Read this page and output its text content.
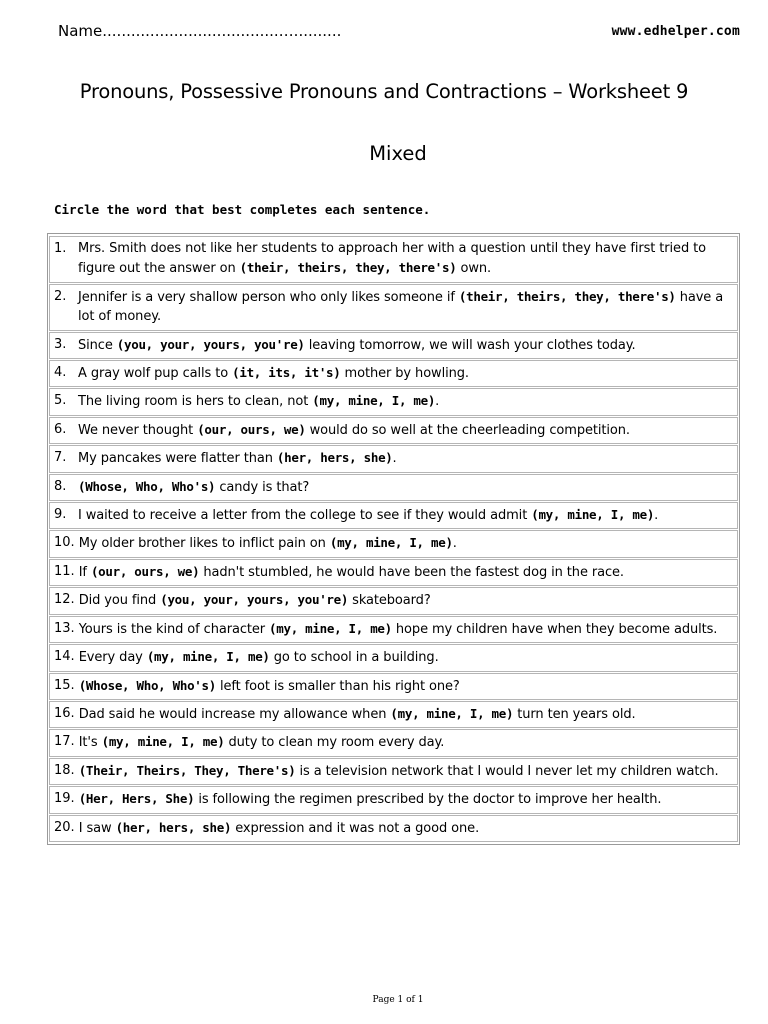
Name.....................................…..........	www.edhelper.com
Pronouns, Possessive Pronouns and Contractions – Worksheet 9
Mixed
Circle the word that best completes each sentence.
1. Mrs. Smith does not like her students to approach her with a question until they have first tried to figure out the answer on (their, theirs, they, there's) own.
2. Jennifer is a very shallow person who only likes someone if (their, theirs, they, there's) have a lot of money.
3. Since (you, your, yours, you're) leaving tomorrow, we will wash your clothes today.
4. A gray wolf pup calls to (it, its, it's) mother by howling.
5. The living room is hers to clean, not (my, mine, I, me).
6. We never thought (our, ours, we) would do so well at the cheerleading competition.
7. My pancakes were flatter than (her, hers, she).
8. (Whose, Who, Who's) candy is that?
9. I waited to receive a letter from the college to see if they would admit (my, mine, I, me).
10. My older brother likes to inflict pain on (my, mine, I, me).
11. If (our, ours, we) hadn't stumbled, he would have been the fastest dog in the race.
12. Did you find (you, your, yours, you're) skateboard?
13. Yours is the kind of character (my, mine, I, me) hope my children have when they become adults.
14. Every day (my, mine, I, me) go to school in a building.
15. (Whose, Who, Who's) left foot is smaller than his right one?
16. Dad said he would increase my allowance when (my, mine, I, me) turn ten years old.
17. It's (my, mine, I, me) duty to clean my room every day.
18. (Their, Theirs, They, There's) is a television network that I would I never let my children watch.
19. (Her, Hers, She) is following the regimen prescribed by the doctor to improve her health.
20. I saw (her, hers, she) expression and it was not a good one.
Page 1 of 1
